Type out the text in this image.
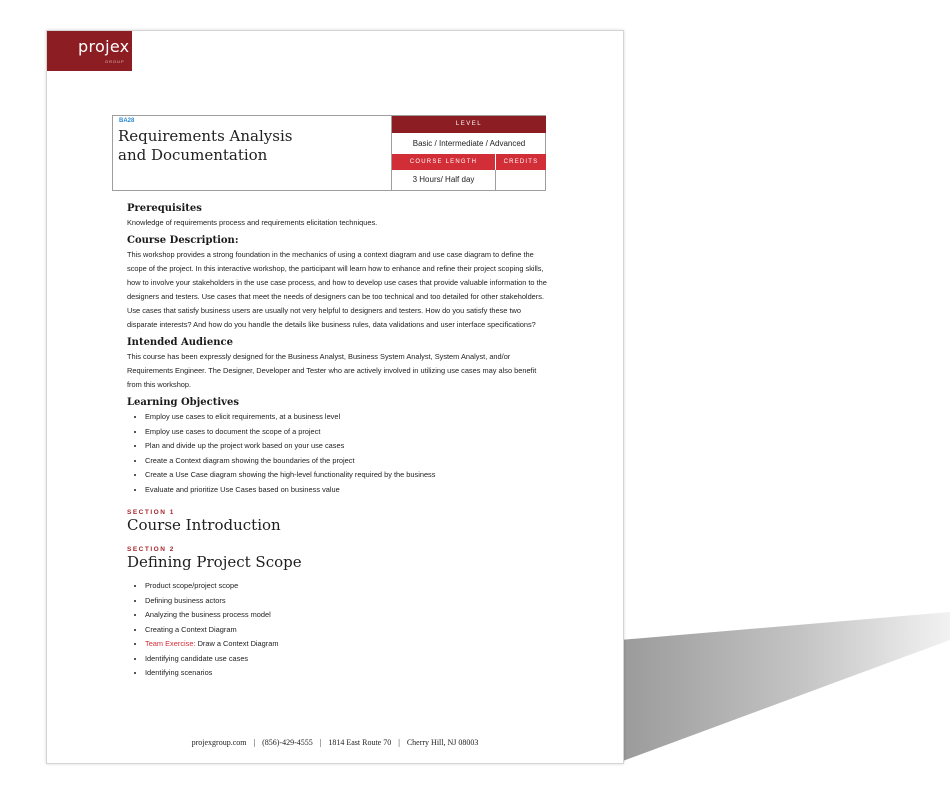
projex
GROUP
BA28
Requirements Analysis
and Documentation
LEVEL
Basic / Intermediate / Advanced
COURSE LENGTH	CREDITS
3 Hours/ Half day
Prerequisites

Knowledge of requirements process and requirements elicitation techniques.

Course Description:

This workshop provides a strong foundation in the mechanics of using a context diagram and use case diagram to define the scope of the project. In this interactive workshop, the participant will learn how to enhance and refine their project scoping skills, how to involve your stakeholders in the use case process, and how to develop use cases that provide valuable information to the designers and testers. Use cases that meet the needs of designers can be too technical and too detailed for other stakeholders. Use cases that satisfy business users are usually not very helpful to designers and testers. How do you satisfy these two disparate interests? And how do you handle the details like business rules, data validations and user interface specifications?

Intended Audience

This course has been expressly designed for the Business Analyst, Business System Analyst, System Analyst, and/or Requirements Engineer. The Designer, Developer and Tester who are actively involved in utilizing use cases may also benefit from this workshop.

Learning Objectives
• Employ use cases to elicit requirements, at a business level
• Employ use cases to document the scope of a project
• Plan and divide up the project work based on your use cases
• Create a Context diagram showing the boundaries of the project
• Create a Use Case diagram showing the high-level functionality required by the business
• Evaluate and prioritize Use Cases based on business value
SECTION 1
Course Introduction
SECTION 2
Defining Project Scope
• Product scope/project scope
• Defining business actors
• Analyzing the business process model
• Creating a Context Diagram
• Team Exercise: Draw a Context Diagram
• Identifying candidate use cases
• Identifying scenarios
projexgroup.com | (856)-429-4555 | 1814 East Route 70 | Cherry Hill, NJ 08003
